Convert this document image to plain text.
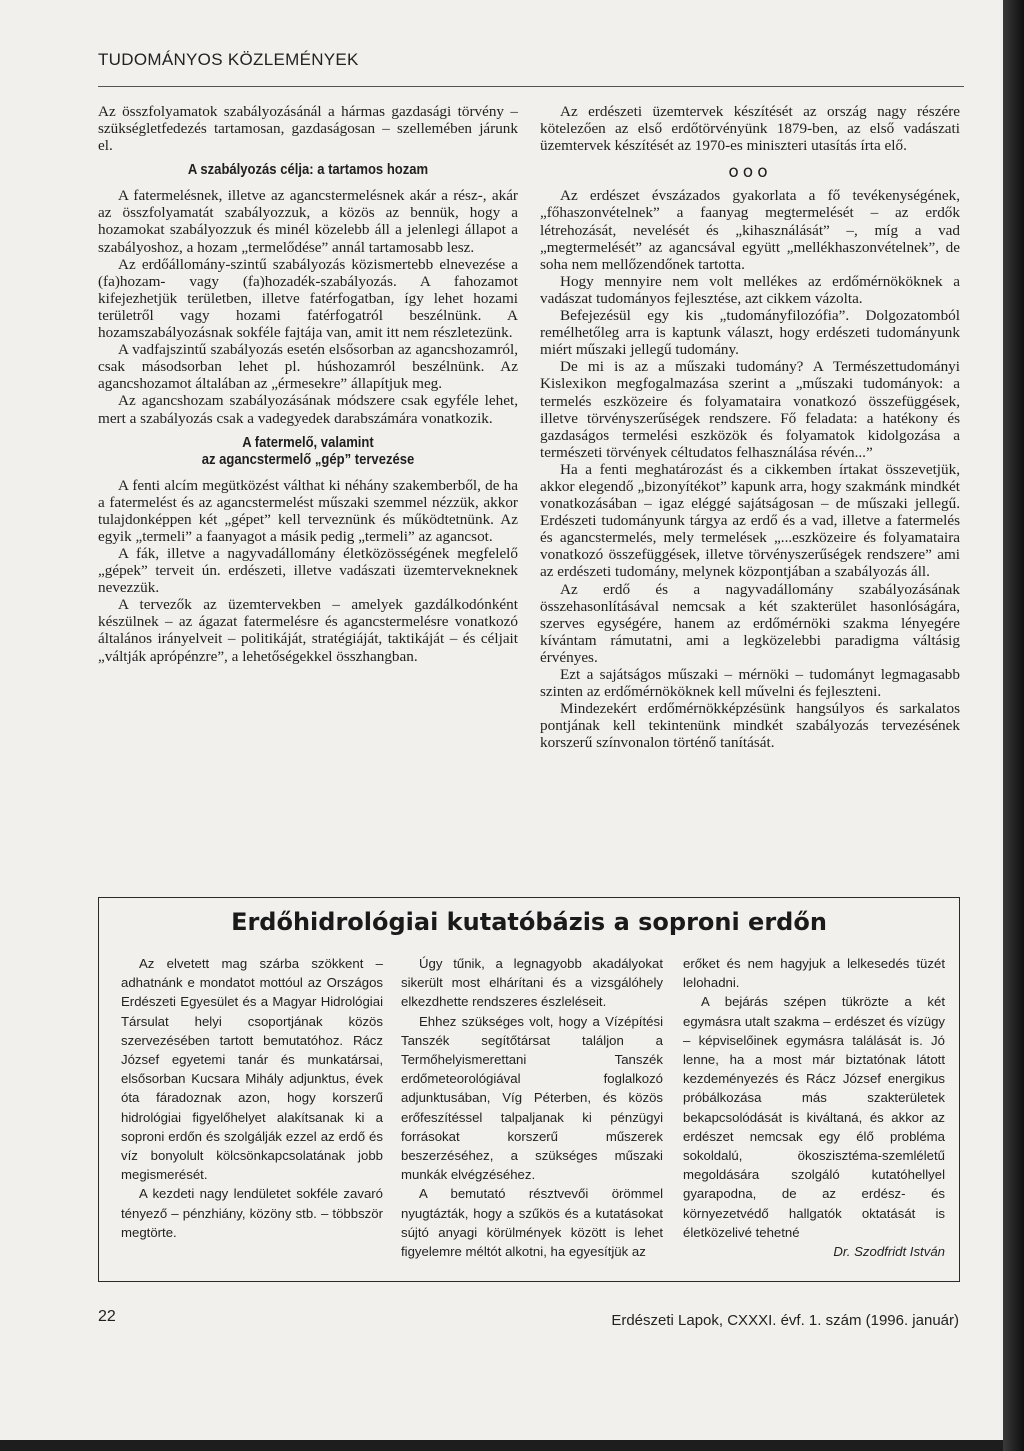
TUDOMÁNYOS KÖZLEMÉNYEK

Az összfolyamatok szabályozásánál a hármas gazdasági törvény – szükségletfedezés tartamosan, gazdaságosan – szellemében járunk el.

A szabályozás célja: a tartamos hozam

A fatermelésnek, illetve az agancstermelésnek akár a rész-, akár az összfolyamatát szabályozzuk, a közös az bennük, hogy a hozamokat szabályozzuk és minél közelebb áll a jelenlegi állapot a szabályoshoz, a hozam „termelődése” annál tartamosabb lesz.

Az erdőállomány-szintű szabályozás közismertebb elnevezése a (fa)hozam- vagy (fa)hozadék-szabályozás. A fahozamot kifejezhetjük területben, illetve fatérfogatban, így lehet hozami területről vagy hozami fatérfogatról beszélnünk. A hozamszabályozásnak sokféle fajtája van, amit itt nem részletezünk.

A vadfajszintű szabályozás esetén elsősorban az agancshozamról, csak másodsorban lehet pl. húshozamról beszélnünk. Az agancshozamot általában az „érmesekre” állapítjuk meg.

Az agancshozam szabályozásának módszere csak egyféle lehet, mert a szabályozás csak a vadegyedek darabszámára vonatkozik.

A fatermelő, valamint
az agancstermelő „gép” tervezése

A fenti alcím megütközést válthat ki néhány szakemberből, de ha a fatermelést és az agancstermelést műszaki szemmel nézzük, akkor tulajdonképpen két „gépet” kell terveznünk és működtetnünk. Az egyik „termeli” a faanyagot a másik pedig „termeli” az agancsot.

A fák, illetve a nagyvadállomány életközösségének megfelelő „gépek” terveit ún. erdészeti, illetve vadászati üzemtervekneknek nevezzük.

A tervezők az üzemtervekben – amelyek gazdálkodónként készülnek – az ágazat fatermelésre és agancstermelésre vonatkozó általános irányelveit – politikáját, stratégiáját, taktikáját – és céljait „váltják aprópénzre”, a lehetőségekkel összhangban.

Az erdészeti üzemtervek készítését az ország nagy részére kötelezően az első erdőtörvényünk 1879-ben, az első vadászati üzemtervek készítését az 1970-es miniszteri utasítás írta elő.

ooo

Az erdészet évszázados gyakorlata a fő tevékenységének, „főhaszonvételnek” a faanyag megtermelését – az erdők létrehozását, nevelését és „kihasználását” –, míg a vad „megtermelését” az agancsával együtt „mellékhaszonvételnek”, de soha nem mellőzendőnek tartotta.

Hogy mennyire nem volt mellékes az erdőmérnököknek a vadászat tudományos fejlesztése, azt cikkem vázolta.

Befejezésül egy kis „tudományfilozófia”. Dolgozatomból remélhetőleg arra is kaptunk választ, hogy erdészeti tudományunk miért műszaki jellegű tudomány.

De mi is az a műszaki tudomány? A Természettudományi Kislexikon megfogalmazása szerint a „műszaki tudományok: a termelés eszközeire és folyamataira vonatkozó összefüggések, illetve törvényszerűségek rendszere. Fő feladata: a hatékony és gazdaságos termelési eszközök és folyamatok kidolgozása a természeti törvények céltudatos felhasználása révén...”

Ha a fenti meghatározást és a cikkemben írtakat összevetjük, akkor elegendő „bizonyítékot” kapunk arra, hogy szakmánk mindkét vonatkozásában – igaz eléggé sajátságosan – de műszaki jellegű. Erdészeti tudományunk tárgya az erdő és a vad, illetve a fatermelés és agancstermelés, mely termelések „...eszközeire és folyamataira vonatkozó összefüggések, illetve törvényszerűségek rendszere” ami az erdészeti tudomány, melynek központjában a szabályozás áll.

Az erdő és a nagyvadállomány szabályozásának összehasonlításával nemcsak a két szakterület hasonlóságára, szerves egységére, hanem az erdőmérnöki szakma lényegére kívántam rámutatni, ami a legközelebbi paradigma váltásig érvényes.

Ezt a sajátságos műszaki – mérnöki – tudományt legmagasabb szinten az erdőmérnököknek kell művelni és fejleszteni.

Mindezekért erdőmérnökképzésünk hangsúlyos és sarkalatos pontjának kell tekintenünk mindkét szabályozás tervezésének korszerű színvonalon történő tanítását.

Erdőhidrológiai kutatóbázis a soproni erdőn

Az elvetett mag szárba szökkent – adhatnánk e mondatot mottóul az Országos Erdészeti Egyesület és a Magyar Hidrológiai Társulat helyi csoportjának közös szervezésében tartott bemutatóhoz. Rácz József egyetemi tanár és munkatársai, elsősorban Kucsara Mihály adjunktus, évek óta fáradoznak azon, hogy korszerű hidrológiai figyelőhelyet alakítsanak ki a soproni erdőn és szolgálják ezzel az erdő és víz bonyolult kölcsönkapcsolatának jobb megismerését.

A kezdeti nagy lendületet sokféle zavaró tényező – pénzhiány, közöny stb. – többször megtörte.

Úgy tűnik, a legnagyobb akadályokat sikerült most elhárítani és a vizsgálóhely elkezdhette rendszeres észleléseit.

Ehhez szükséges volt, hogy a Vízépítési Tanszék segítőtársat találjon a Termőhelyismerettani Tanszék erdőmeteorológiával foglalkozó adjunktusában, Víg Péterben, és közös erőfeszítéssel talpaljanak ki pénzügyi forrásokat korszerű műszerek beszerzéséhez, a szükséges műszaki munkák elvégzéséhez.

A bemutató résztvevői örömmel nyugtázták, hogy a szűkös és a kutatásokat sújtó anyagi körülmények között is lehet figyelemre méltót alkotni, ha egyesítjük az

erőket és nem hagyjuk a lelkesedés tüzét lelohadni.

A bejárás szépen tükrözte a két egymásra utalt szakma – erdészet és vízügy – képviselőinek egymásra találását is. Jó lenne, ha a most már biztatónak látott kezdeményezés és Rácz József energikus próbálkozása más szakterületek bekapcsolódását is kiváltaná, és akkor az erdészet nemcsak egy élő probléma sokoldalú, ökoszisztéma-szemléletű megoldására szolgáló kutatóhellyel gyarapodna, de az erdész- és környezetvédő hallgatók oktatását is életközelivé tehetné

Dr. Szodfridt István
22	Erdészeti Lapok, CXXXI. évf. 1. szám (1996. január)
